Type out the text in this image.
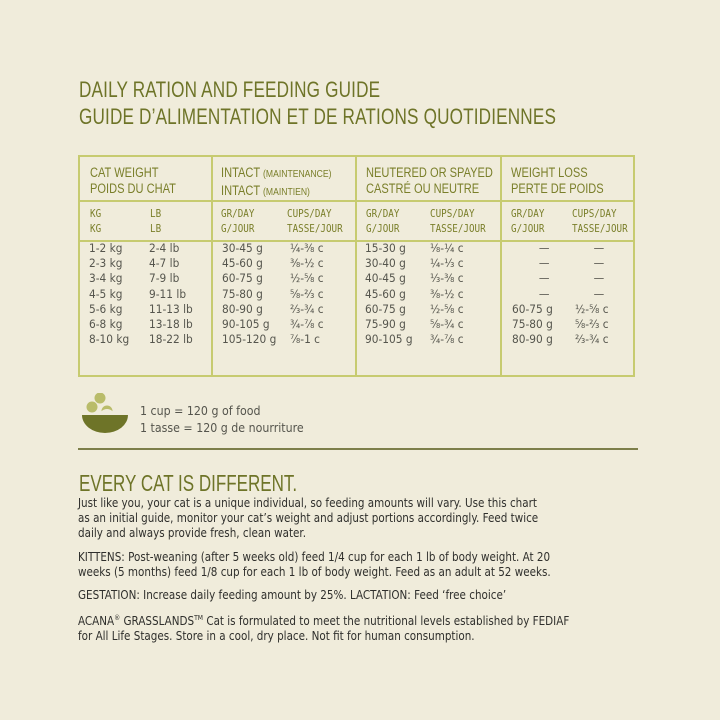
DAILY RATION AND FEEDING GUIDE
GUIDE D’ALIMENTATION ET DE RATIONS QUOTIDIENNES
CAT WEIGHT
POIDS DU CHAT
INTACT (MAINTENANCE)
INTACT (MAINTIEN)
NEUTERED OR SPAYED
CASTRÉ OU NEUTRE
WEIGHT LOSS
PERTE DE POIDS
KG
KG
LB
LB
GR/DAY
G/JOUR
CUPS/DAY
TASSE/JOUR
GR/DAY
G/JOUR
CUPS/DAY
TASSE/JOUR
GR/DAY
G/JOUR
CUPS/DAY
TASSE/JOUR
1-2 kg
2-3 kg
3-4 kg
4-5 kg
5-6 kg
6-8 kg
8-10 kg
2-4 lb
4-7 lb
7-9 lb
9-11 lb
11-13 lb
13-18 lb
18-22 lb
30-45 g
45-60 g
60-75 g
75-80 g
80-90 g
90-105 g
105-120 g
¼-⅜ c
⅜-½ c
½-⅝ c
⅝-⅔ c
⅔-¾ c
¾-⅞ c
⅞-1 c
15-30 g
30-40 g
40-45 g
45-60 g
60-75 g
75-90 g
90-105 g
⅛-¼ c
¼-⅓ c
⅓-⅜ c
⅜-½ c
½-⅝ c
⅝-¾ c
¾-⅞ c
—
—
—
—
60-75 g
75-80 g
80-90 g
—
—
—
—
½-⅝ c
⅝-⅔ c
⅔-¾ c
1 cup = 120 g of food
1 tasse = 120 g de nourriture
EVERY CAT IS DIFFERENT.
Just like you, your cat is a unique individual, so feeding amounts will vary. Use this chart
as an initial guide, monitor your cat’s weight and adjust portions accordingly. Feed twice
daily and always provide fresh, clean water.
KITTENS: Post-weaning (after 5 weeks old) feed 1/4 cup for each 1 lb of body weight. At 20
weeks (5 months) feed 1/8 cup for each 1 lb of body weight. Feed as an adult at 52 weeks.
GESTATION: Increase daily feeding amount by 25%. LACTATION: Feed ‘free choice’
ACANA® GRASSLANDS™ Cat is formulated to meet the nutritional levels established by FEDIAF
for All Life Stages. Store in a cool, dry place. Not fit for human consumption.
